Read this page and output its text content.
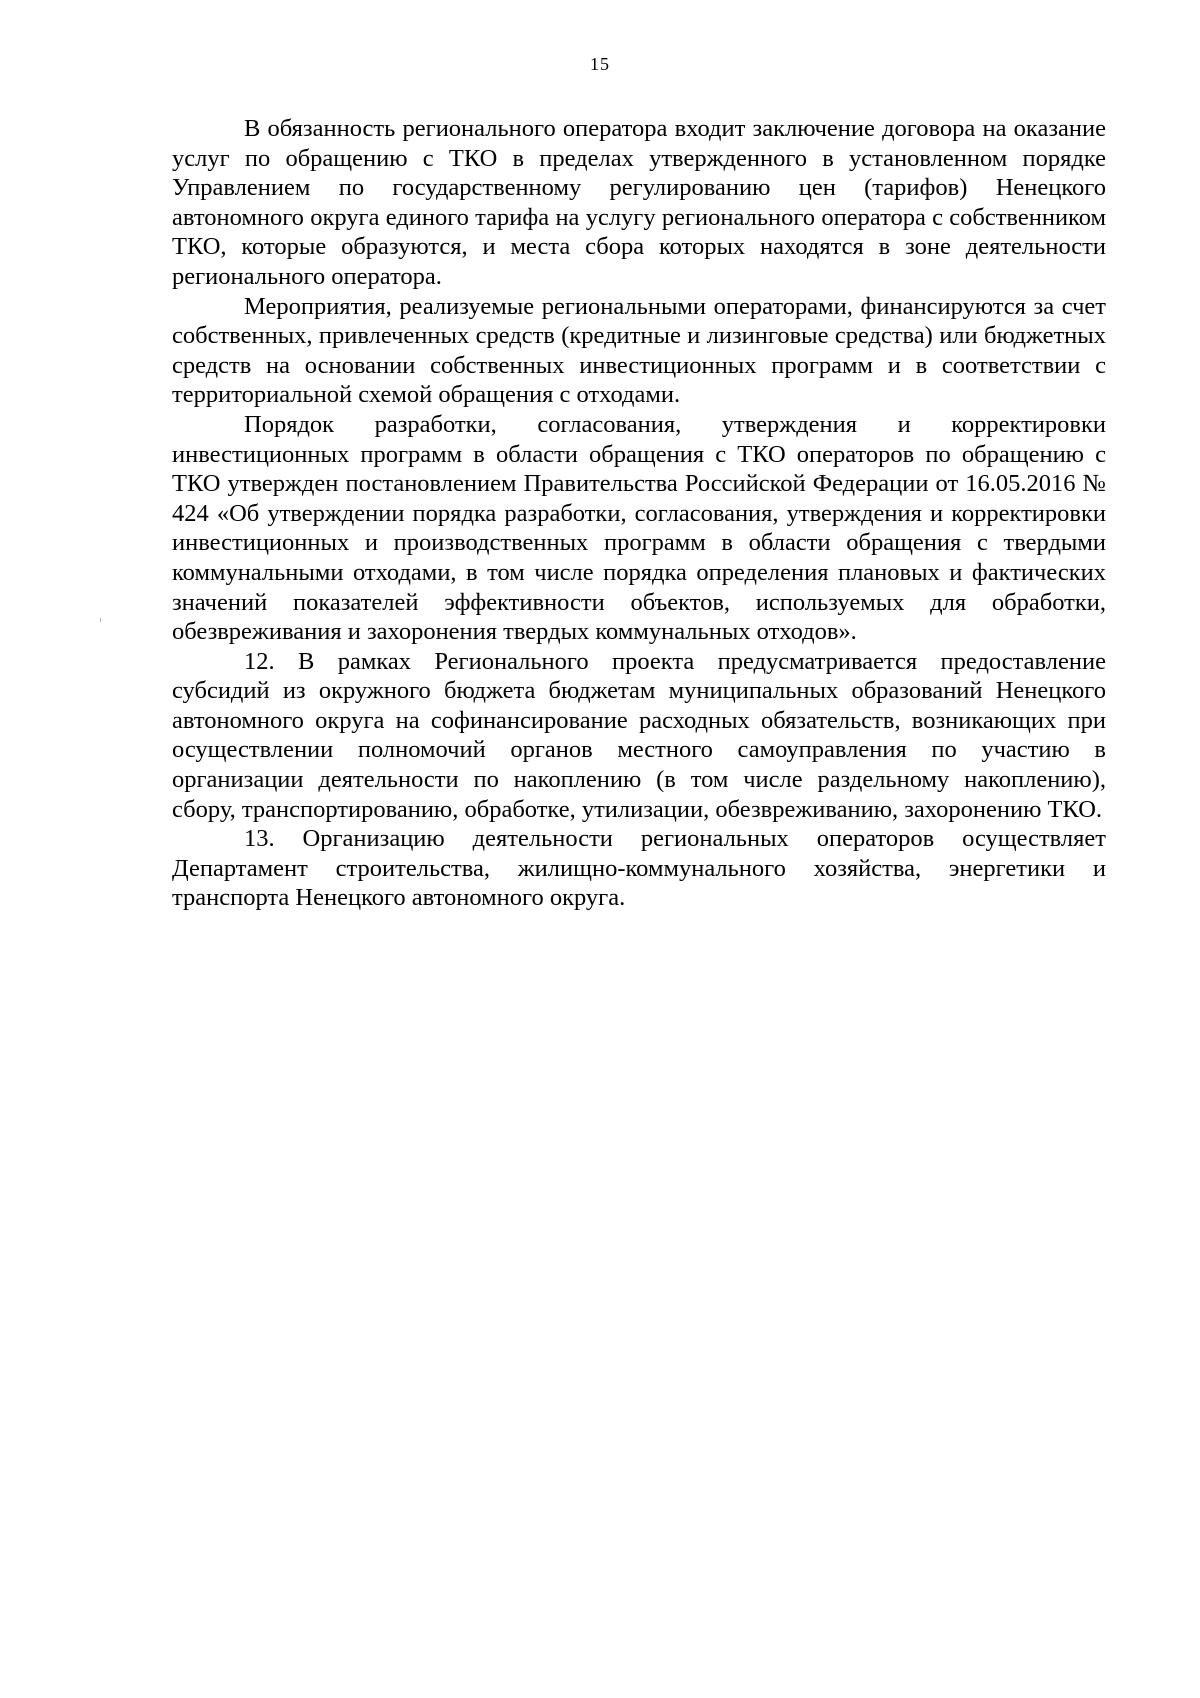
15

В обязанность регионального оператора входит заключение договора на оказание услуг по обращению с ТКО в пределах утвержденного в установленном порядке Управлением по государственному регулированию цен (тарифов) Ненецкого автономного округа единого тарифа на услугу регионального оператора с собственником ТКО, которые образуются, и места сбора которых находятся в зоне деятельности регионального оператора.

Мероприятия, реализуемые региональными операторами, финансируются за счет собственных, привлеченных средств (кредитные и лизинговые средства) или бюджетных средств на основании собственных инвестиционных программ и в соответствии с территориальной схемой обращения с отходами.

Порядок разработки, согласования, утверждения и корректировки инвестиционных программ в области обращения с ТКО операторов по обращению с ТКО утвержден постановлением Правительства Российской Федерации от 16.05.2016 № 424 «Об утверждении порядка разработки, согласования, утверждения и корректировки инвестиционных и производственных программ в области обращения с твердыми коммунальными отходами, в том числе порядка определения плановых и фактических значений показателей эффективности объектов, используемых для обработки, обезвреживания и захоронения твердых коммунальных отходов».

12. В рамках Регионального проекта предусматривается предоставление субсидий из окружного бюджета бюджетам муниципальных образований Ненецкого автономного округа на софинансирование расходных обязательств, возникающих при осуществлении полномочий органов местного самоуправления по участию в организации деятельности по накоплению (в том числе раздельному накоплению), сбору, транспортированию, обработке, утилизации, обезвреживанию, захоронению ТКО.

13. Организацию деятельности региональных операторов осуществляет Департамент строительства, жилищно-коммунального хозяйства, энергетики и транспорта Ненецкого автономного округа.
